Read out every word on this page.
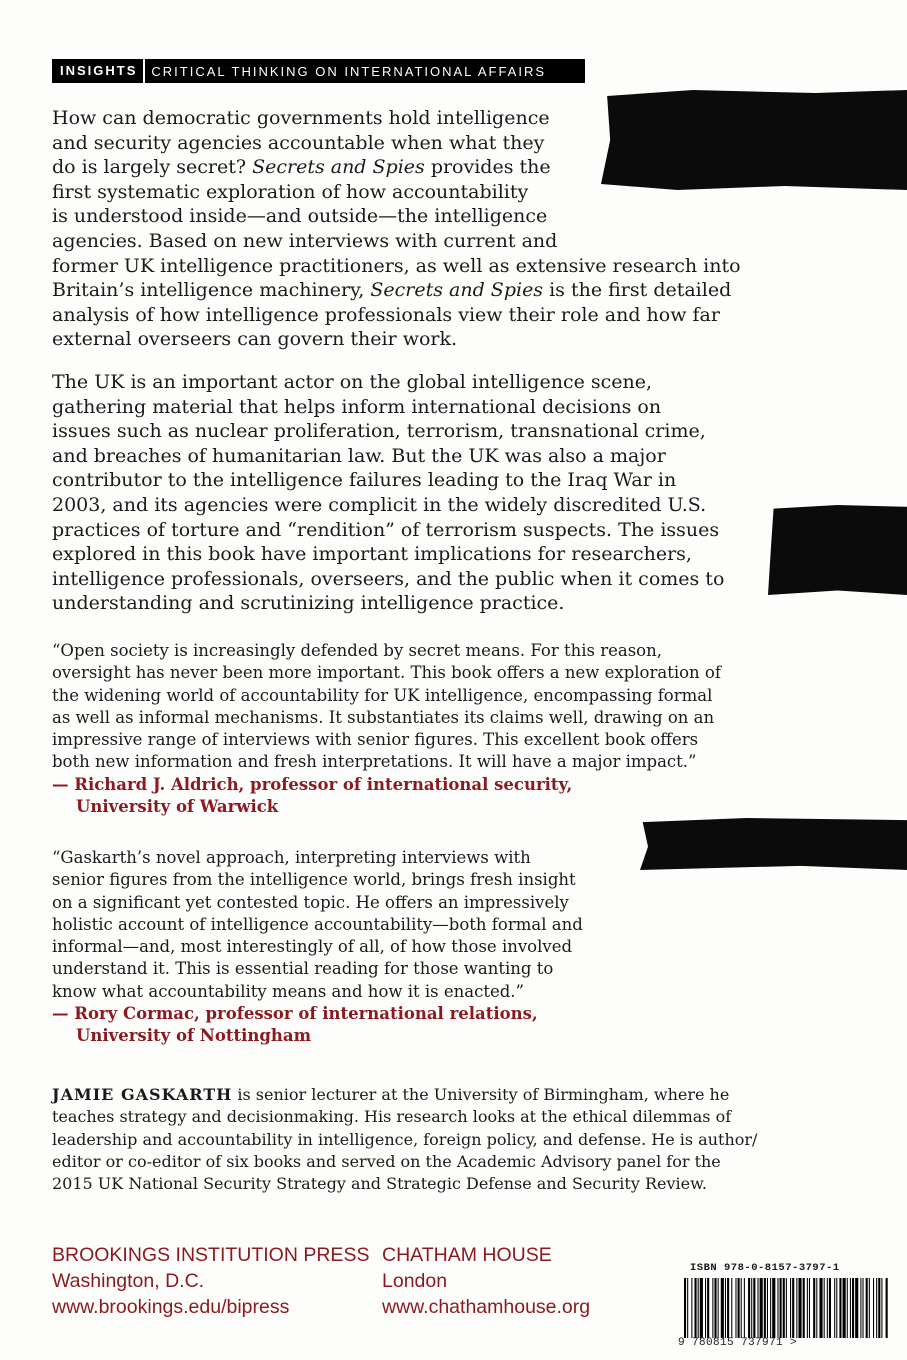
INSIGHTS	CRITICAL THINKING ON INTERNATIONAL AFFAIRS

How can democratic governments hold intelligence
and security agencies accountable when what they
do is largely secret? Secrets and Spies provides the
first systematic exploration of how accountability
is understood inside—and outside—the intelligence
agencies. Based on new interviews with current and
former UK intelligence practitioners, as well as extensive research into
Britain’s intelligence machinery, Secrets and Spies is the first detailed
analysis of how intelligence professionals view their role and how far
external overseers can govern their work.

The UK is an important actor on the global intelligence scene,
gathering material that helps inform international decisions on
issues such as nuclear proliferation, terrorism, transnational crime,
and breaches of humanitarian law. But the UK was also a major
contributor to the intelligence failures leading to the Iraq War in
2003, and its agencies were complicit in the widely discredited U.S.
practices of torture and “rendition” of terrorism suspects. The issues
explored in this book have important implications for researchers,
intelligence professionals, overseers, and the public when it comes to
understanding and scrutinizing intelligence practice.

“Open society is increasingly defended by secret means. For this reason,
oversight has never been more important. This book offers a new exploration of
the widening world of accountability for UK intelligence, encompassing formal
as well as informal mechanisms. It substantiates its claims well, drawing on an
impressive range of interviews with senior figures. This excellent book offers
both new information and fresh interpretations. It will have a major impact.”
— Richard J. Aldrich, professor of international security,
University of Warwick

“Gaskarth’s novel approach, interpreting interviews with
senior figures from the intelligence world, brings fresh insight
on a significant yet contested topic. He offers an impressively
holistic account of intelligence accountability—both formal and
informal—and, most interestingly of all, of how those involved
understand it. This is essential reading for those wanting to
know what accountability means and how it is enacted.”
— Rory Cormac, professor of international relations,
University of Nottingham

JAMIE GASKARTH is senior lecturer at the University of Birmingham, where he
teaches strategy and decisionmaking. His research looks at the ethical dilemmas of
leadership and accountability in intelligence, foreign policy, and defense. He is author/
editor or co-editor of six books and served on the Academic Advisory panel for the
2015 UK National Security Strategy and Strategic Defense and Security Review.

BROOKINGS INSTITUTION PRESS
Washington, D.C.
www.brookings.edu/bipress
CHATHAM HOUSE
London
www.chathamhouse.org
ISBN 978-0-8157-3797-1
9 780815 737971 >
